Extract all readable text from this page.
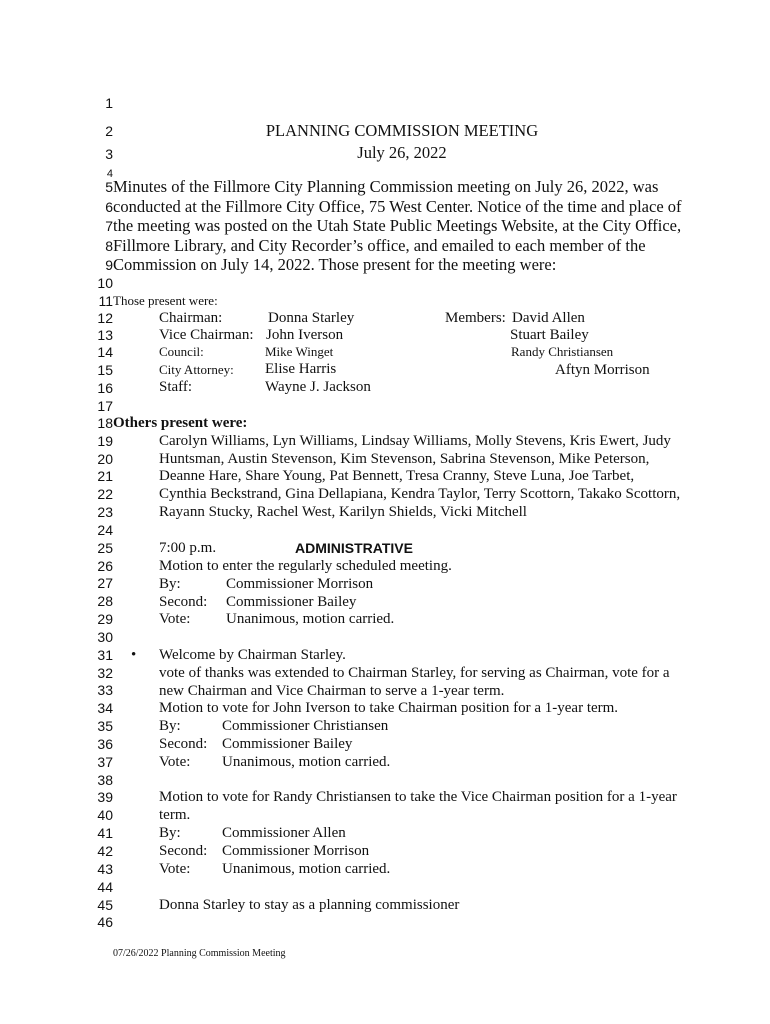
1
2
3
4
5
6
7
8
9
10
11
12
13
14
15
16
17
18
19
20
21
22
23
24
25
26
27
28
29
30
31
32
33
34
35
36
37
38
39
40
41
42
43
44
45
46
PLANNING COMMISSION MEETING
July 26, 2022
Minutes of the Fillmore City Planning Commission meeting on July 26, 2022, was
conducted at the Fillmore City Office, 75 West Center. Notice of the time and place of
the meeting was posted on the Utah State Public Meetings Website, at the City Office,
Fillmore Library, and City Recorder’s office, and emailed to each member of the
Commission on July 14, 2022. Those present for the meeting were:
Those present were:
Chairman:	Donna Starley	Members: David Allen
Vice Chairman: John Iverson	Stuart Bailey
Council:	Mike Winget	Randy Christiansen
City Attorney: Elise Harris	Aftyn Morrison
Staff:	Wayne J. Jackson
Others present were:
Carolyn Williams, Lyn Williams, Lindsay Williams, Molly Stevens, Kris Ewert, Judy
Huntsman, Austin Stevenson, Kim Stevenson, Sabrina Stevenson, Mike Peterson,
Deanne Hare, Share Young, Pat Bennett, Tresa Cranny, Steve Luna, Joe Tarbet,
Cynthia Beckstrand, Gina Dellapiana, Kendra Taylor, Terry Scottorn, Takako Scottorn,
Rayann Stucky, Rachel West, Karilyn Shields, Vicki Mitchell
7:00 p.m.	ADMINISTRATIVE
Motion to enter the regularly scheduled meeting.
By:	Commissioner Morrison
Second: Commissioner Bailey
Vote: Unanimous, motion carried.
• Welcome by Chairman Starley.
vote of thanks was extended to Chairman Starley, for serving as Chairman, vote for a
new Chairman and Vice Chairman to serve a 1-year term.
Motion to vote for John Iverson to take Chairman position for a 1-year term.
By:	Commissioner Christiansen
Second: Commissioner Bailey
Vote: Unanimous, motion carried.
Motion to vote for Randy Christiansen to take the Vice Chairman position for a 1-year
term.
By:	Commissioner Allen
Second: Commissioner Morrison
Vote: Unanimous, motion carried.
Donna Starley to stay as a planning commissioner
07/26/2022 Planning Commission Meeting
